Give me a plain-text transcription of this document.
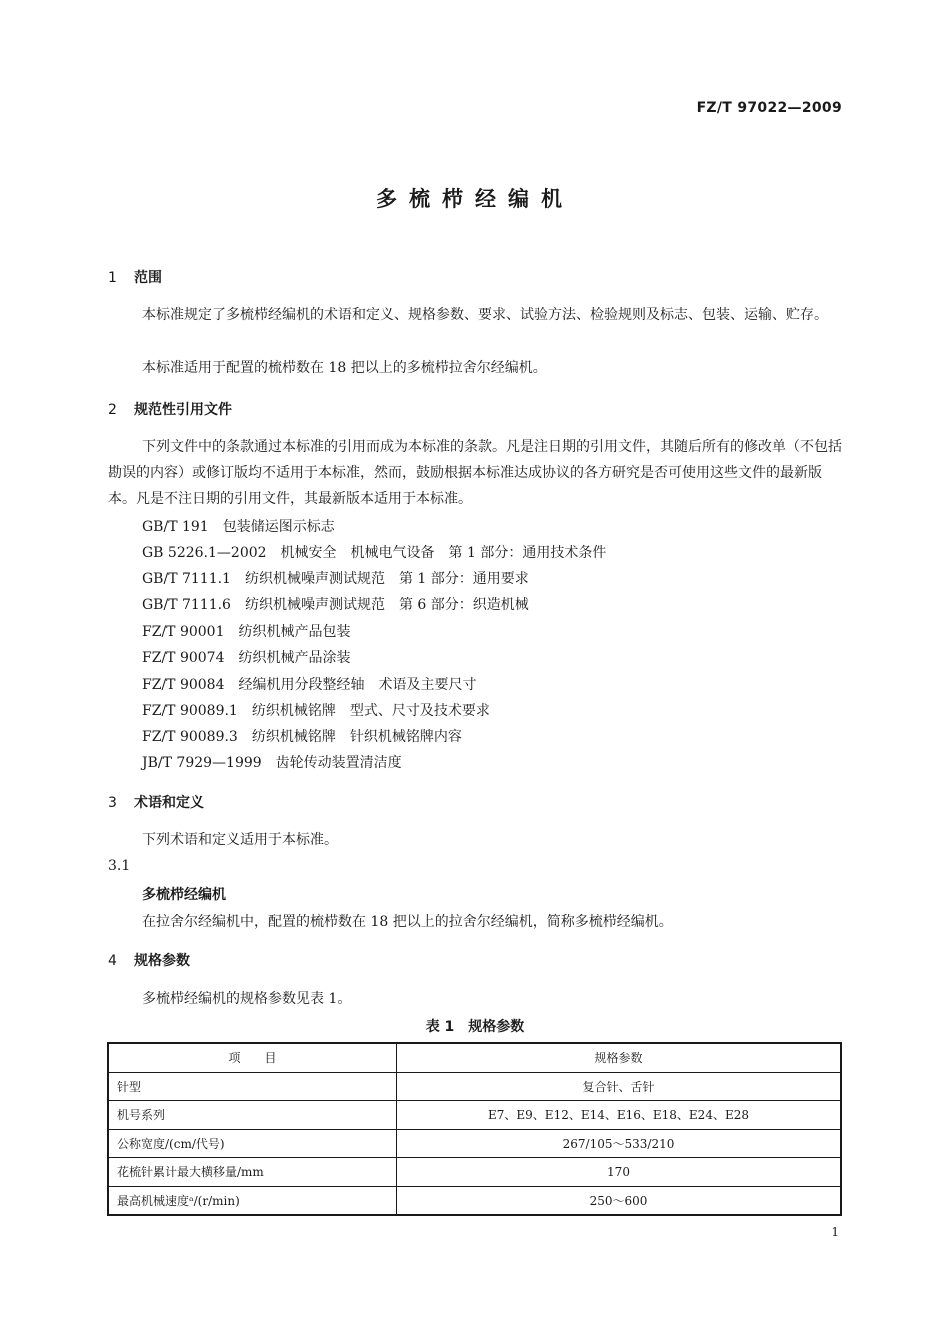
FZ/T 97022—2009
多梳栉经编机
1 范围
本标准规定了多梳栉经编机的术语和定义、规格参数、要求、试验方法、检验规则及标志、包装、运输、贮存。
本标准适用于配置的梳栉数在 18 把以上的多梳栉拉舍尔经编机。
2 规范性引用文件
下列文件中的条款通过本标准的引用而成为本标准的条款。凡是注日期的引用文件，其随后所有的修改单（不包括勘误的内容）或修订版均不适用于本标准，然而，鼓励根据本标准达成协议的各方研究是否可使用这些文件的最新版本。凡是不注日期的引用文件，其最新版本适用于本标准。
GB/T 191　包装储运图示标志
GB 5226.1—2002　机械安全　机械电气设备　第 1 部分：通用技术条件
GB/T 7111.1　纺织机械噪声测试规范　第 1 部分：通用要求
GB/T 7111.6　纺织机械噪声测试规范　第 6 部分：织造机械
FZ/T 90001　纺织机械产品包装
FZ/T 90074　纺织机械产品涂装
FZ/T 90084　经编机用分段整经轴　术语及主要尺寸
FZ/T 90089.1　纺织机械铭牌　型式、尺寸及技术要求
FZ/T 90089.3　纺织机械铭牌　针织机械铭牌内容
JB/T 7929—1999　齿轮传动装置清洁度
3 术语和定义
下列术语和定义适用于本标准。
3.1
多梳栉经编机
在拉舍尔经编机中，配置的梳栉数在 18 把以上的拉舍尔经编机，简称多梳栉经编机。
4 规格参数
多梳栉经编机的规格参数见表 1。
表 1　规格参数
项　　目	规格参数
针型	复合针、舌针
机号系列	E7、E9、E12、E14、E16、E18、E24、E28
公称宽度/(cm/代号)	267/105～533/210
花梳针累计最大横移量/mm	170
最高机械速度ᵃ/(r/min)	250～600
1
